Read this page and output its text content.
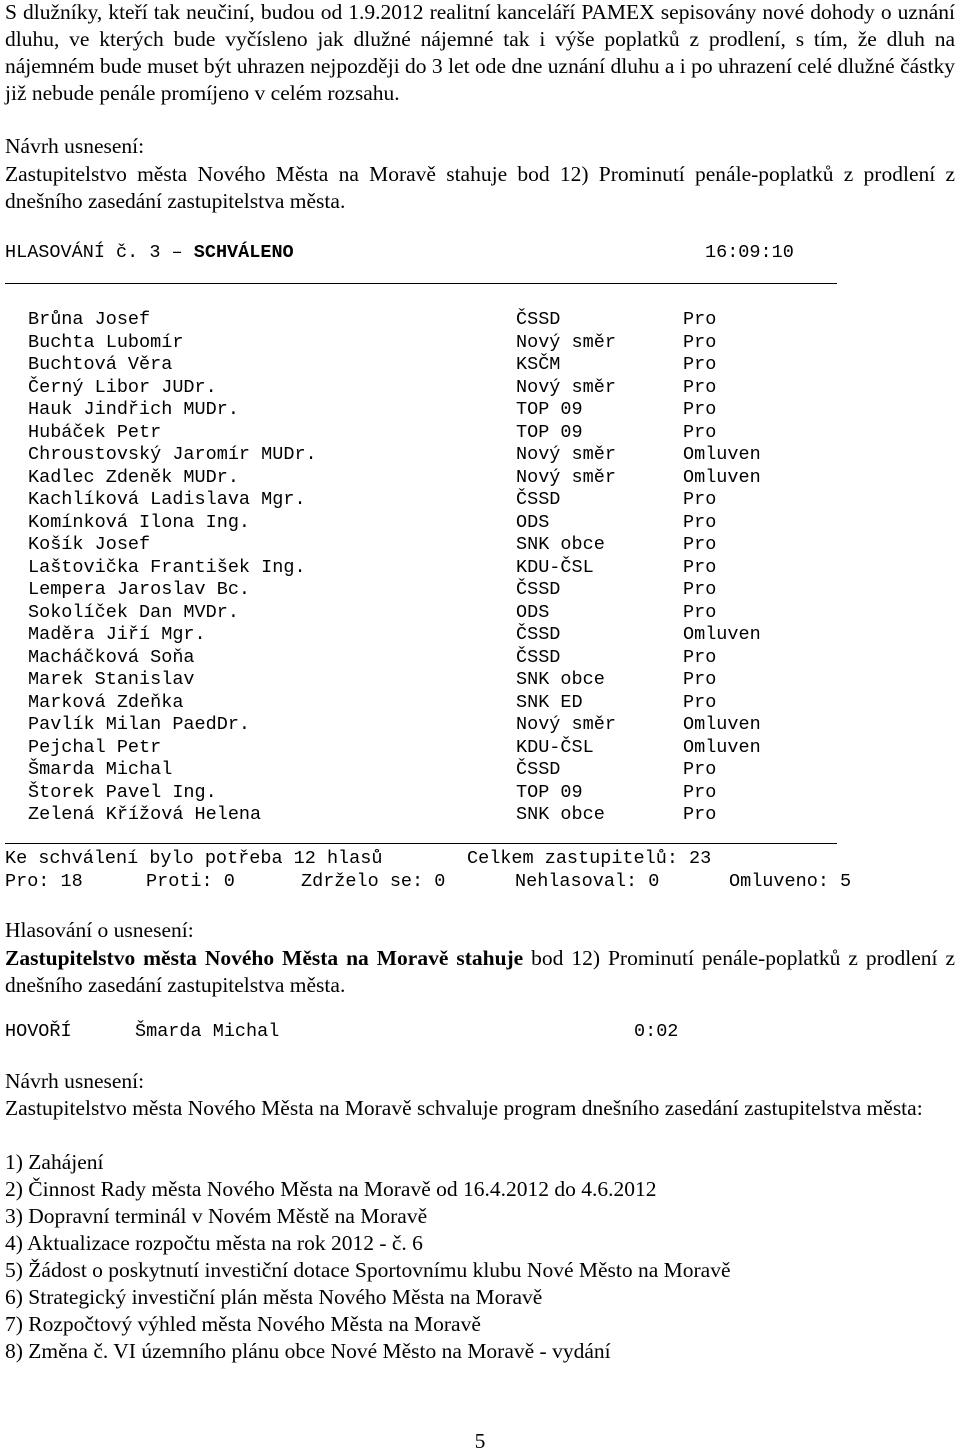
S dlužníky, kteří tak neučiní, budou od 1.9.2012 realitní kanceláří PAMEX sepisovány nové dohody o uznání dluhu, ve kterých bude vyčísleno jak dlužné nájemné tak i výše poplatků z prodlení, s tím, že dluh na nájemném bude muset být uhrazen nejpozději do 3 let ode dne uznání dluhu a i po uhrazení celé dlužné částky již nebude penále promíjeno v celém rozsahu.
Návrh usnesení:
Zastupitelstvo města Nového Města na Moravě stahuje bod 12) Prominutí penále-poplatků z prodlení z dnešního zasedání zastupitelstva města.
HLASOVÁNÍ č. 3 – SCHVÁLENO	16:09:10
Brůna Josef	ČSSD	Pro
Buchta Lubomír	Nový směr	Pro
Buchtová Věra	KSČM	Pro
Černý Libor JUDr.	Nový směr	Pro
Hauk Jindřich MUDr.	TOP 09	Pro
Hubáček Petr	TOP 09	Pro
Chroustovský Jaromír MUDr.	Nový směr	Omluven
Kadlec Zdeněk MUDr.	Nový směr	Omluven
Kachlíková Ladislava Mgr.	ČSSD	Pro
Komínková Ilona Ing.	ODS	Pro
Košík Josef	SNK obce	Pro
Laštovička František Ing.	KDU-ČSL	Pro
Lempera Jaroslav Bc.	ČSSD	Pro
Sokolíček Dan MVDr.	ODS	Pro
Maděra Jiří Mgr.	ČSSD	Omluven
Macháčková Soňa	ČSSD	Pro
Marek Stanislav	SNK obce	Pro
Marková Zdeňka	SNK ED	Pro
Pavlík Milan PaedDr.	Nový směr	Omluven
Pejchal Petr	KDU-ČSL	Omluven
Šmarda Michal	ČSSD	Pro
Štorek Pavel Ing.	TOP 09	Pro
Zelená Křížová Helena	SNK obce	Pro
Ke schválení bylo potřeba 12 hlasů	Celkem zastupitelů: 23
Pro: 18	Proti: 0	Zdrželo se: 0	Nehlasoval: 0	Omluveno: 5
Hlasování o usnesení:
Zastupitelstvo města Nového Města na Moravě stahuje bod 12) Prominutí penále-poplatků z prodlení z dnešního zasedání zastupitelstva města.
HOVOŘÍ	Šmarda Michal	0:02
Návrh usnesení:
Zastupitelstvo města Nového Města na Moravě schvaluje program dnešního zasedání zastupitelstva města:
1) Zahájení
2) Činnost Rady města Nového Města na Moravě od 16.4.2012 do 4.6.2012
3) Dopravní terminál v Novém Městě na Moravě
4) Aktualizace rozpočtu města na rok 2012 - č. 6
5) Žádost o poskytnutí investiční dotace Sportovnímu klubu Nové Město na Moravě
6) Strategický investiční plán města Nového Města na Moravě
7) Rozpočtový výhled města Nového Města na Moravě
8) Změna č. VI územního plánu obce Nové Město na Moravě - vydání
5
